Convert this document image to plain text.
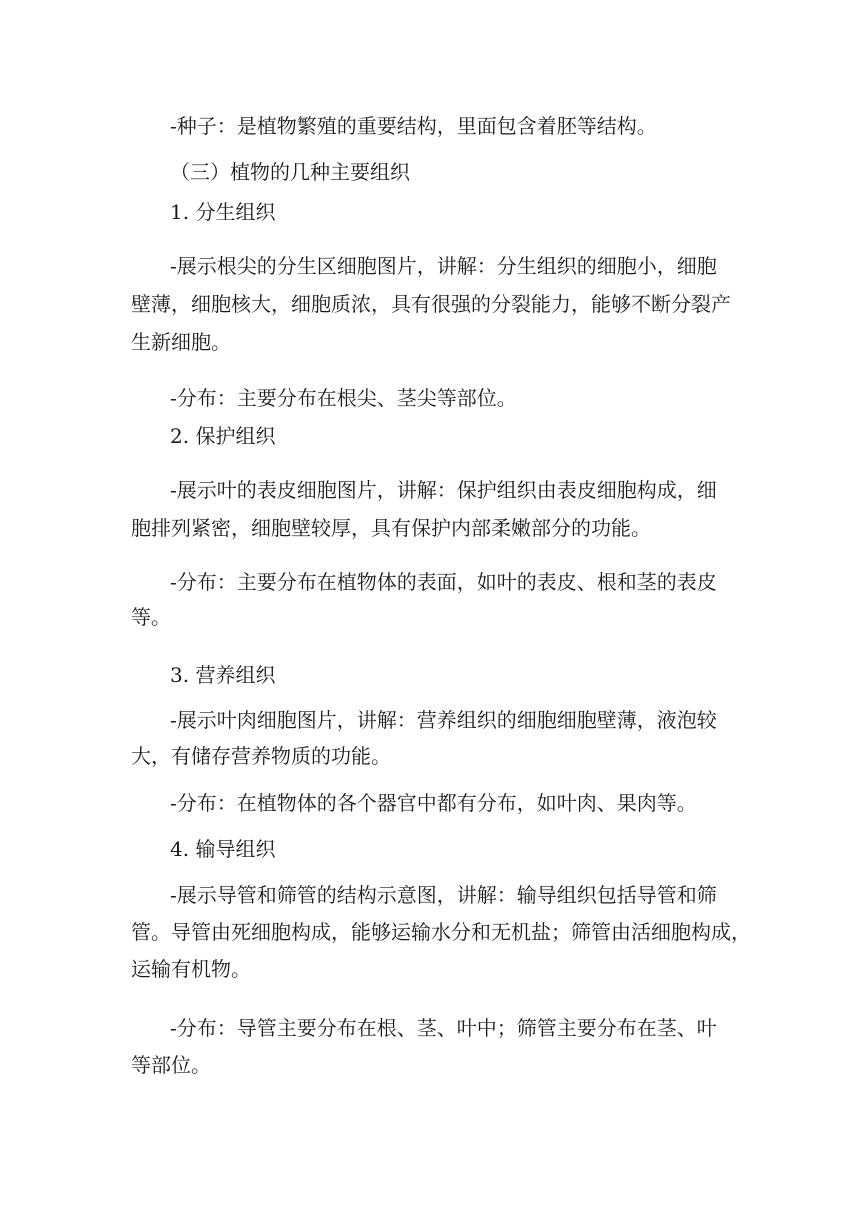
-种子：是植物繁殖的重要结构，里面包含着胚等结构。

（三）植物的几种主要组织

1. 分生组织

-展示根尖的分生区细胞图片，讲解：分生组织的细胞小，细胞

壁薄，细胞核大，细胞质浓，具有很强的分裂能力，能够不断分裂产

生新细胞。

-分布：主要分布在根尖、茎尖等部位。

2. 保护组织

-展示叶的表皮细胞图片，讲解：保护组织由表皮细胞构成，细

胞排列紧密，细胞壁较厚，具有保护内部柔嫩部分的功能。

-分布：主要分布在植物体的表面，如叶的表皮、根和茎的表皮

等。

3. 营养组织

-展示叶肉细胞图片，讲解：营养组织的细胞细胞壁薄，液泡较

大，有储存营养物质的功能。

-分布：在植物体的各个器官中都有分布，如叶肉、果肉等。

4. 输导组织

-展示导管和筛管的结构示意图，讲解：输导组织包括导管和筛

管。导管由死细胞构成，能够运输水分和无机盐；筛管由活细胞构成，

运输有机物。

-分布：导管主要分布在根、茎、叶中；筛管主要分布在茎、叶

等部位。
